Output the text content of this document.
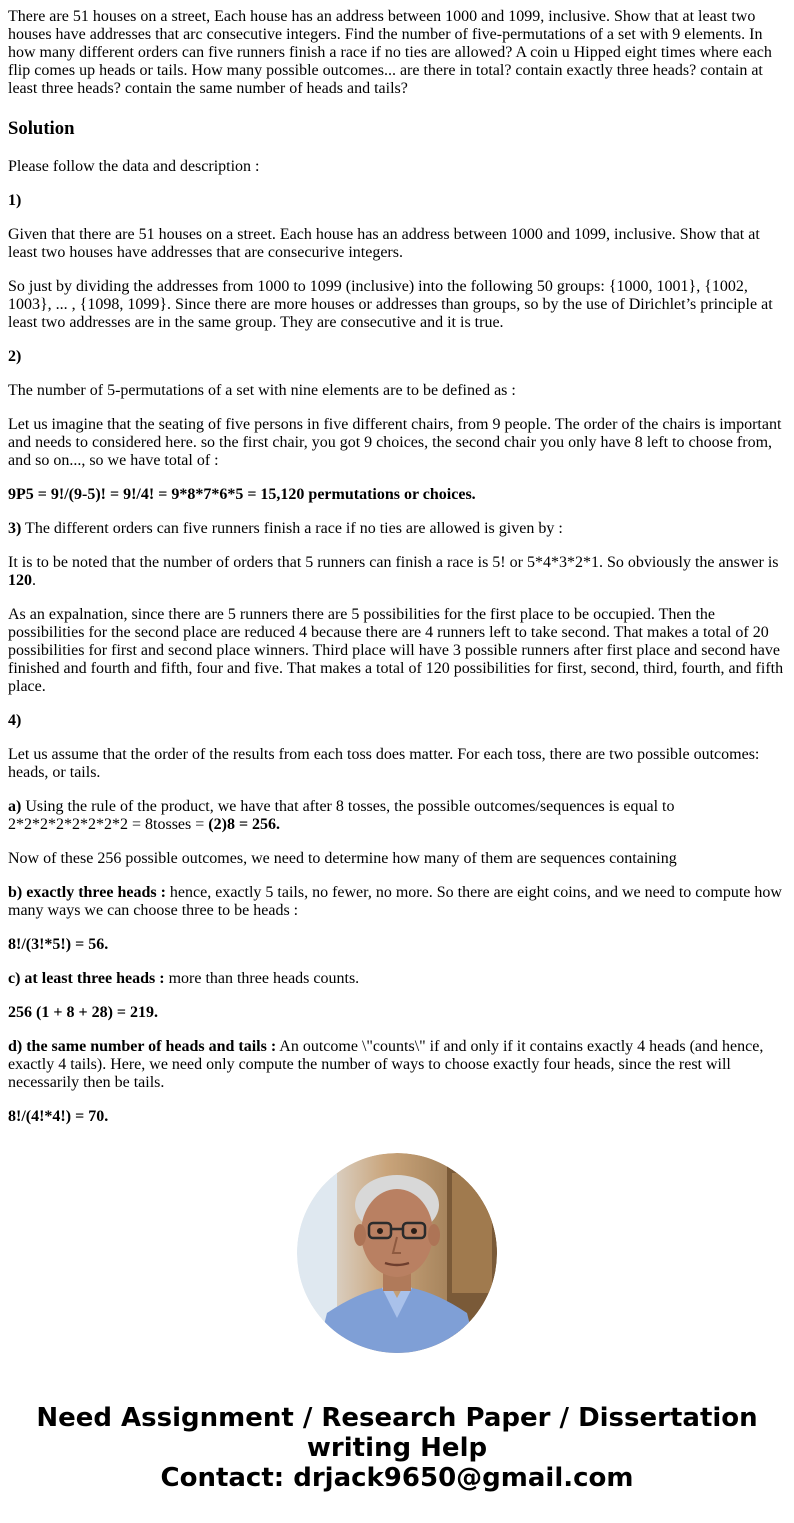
There are 51 houses on a street, Each house has an address between 1000 and 1099, inclusive. Show that at least two houses have addresses that arc consecutive integers. Find the number of five-permutations of a set with 9 elements. In how many different orders can five runners finish a race if no ties are allowed? A coin u Hipped eight times where each flip comes up heads or tails. How many possible outcomes... are there in total? contain exactly three heads? contain at least three heads? contain the same number of heads and tails?

Solution

Please follow the data and description :

1)

Given that there are 51 houses on a street. Each house has an address between 1000 and 1099, inclusive. Show that at least two houses have addresses that are consecurive integers.

So just by dividing the addresses from 1000 to 1099 (inclusive) into the following 50 groups: {1000, 1001}, {1002, 1003}, ... , {1098, 1099}. Since there are more houses or addresses than groups, so by the use of Dirichlet’s principle at least two addresses are in the same group. They are consecutive and it is true.

2)

The number of 5-permutations of a set with nine elements are to be defined as :

Let us imagine that the seating of five persons in five different chairs, from 9 people. The order of the chairs is important and needs to considered here. so the first chair, you got 9 choices, the second chair you only have 8 left to choose from, and so on..., so we have total of :

9P5 = 9!/(9-5)! = 9!/4! = 9*8*7*6*5 = 15,120 permutations or choices.

3) The different orders can five runners finish a race if no ties are allowed is given by :

It is to be noted that the number of orders that 5 runners can finish a race is 5! or 5*4*3*2*1. So obviously the answer is 120.

As an expalnation, since there are 5 runners there are 5 possibilities for the first place to be occupied. Then the possibilities for the second place are reduced 4 because there are 4 runners left to take second. That makes a total of 20 possibilities for first and second place winners. Third place will have 3 possible runners after first place and second have finished and fourth and fifth, four and five. That makes a total of 120 possibilities for first, second, third, fourth, and fifth place.

4)

Let us assume that the order of the results from each toss does matter. For each toss, there are two possible outcomes: heads, or tails.

a) Using the rule of the product, we have that after 8 tosses, the possible outcomes/sequences is equal to 2*2*2*2*2*2*2*2 = 8tosses = (2)8 = 256.

Now of these 256 possible outcomes, we need to determine how many of them are sequences containing

b) exactly three heads : hence, exactly 5 tails, no fewer, no more. So there are eight coins, and we need to compute how many ways we can choose three to be heads :

8!/(3!*5!) = 56.

c) at least three heads : more than three heads counts.

256 (1 + 8 + 28) = 219.

d) the same number of heads and tails : An outcome \"counts\" if and only if it contains exactly 4 heads (and hence, exactly 4 tails). Here, we need only compute the number of ways to choose exactly four heads, since the rest will necessarily then be tails.

8!/(4!*4!) = 70.

Need Assignment / Research Paper / Dissertation
writing Help
Contact: drjack9650@gmail.com
